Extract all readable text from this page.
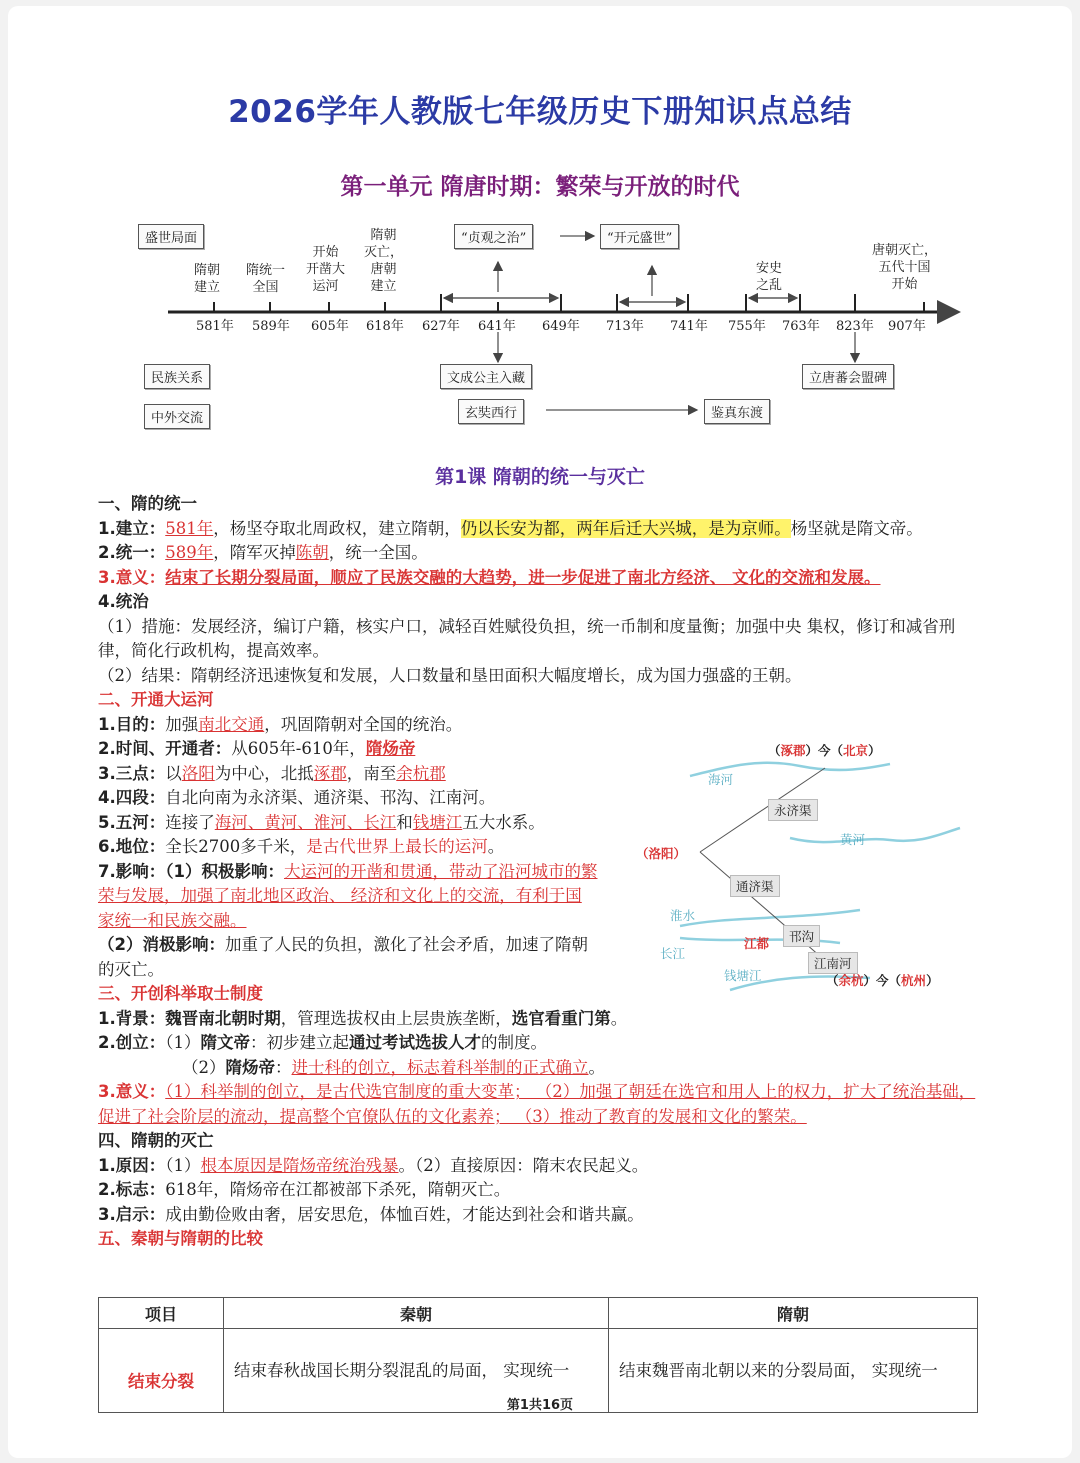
2026学年人教版七年级历史下册知识点总结
第一单元 隋唐时期：繁荣与开放的时代
盛世局面
民族关系
中外交流
“贞观之治”	“开元盛世”
文成公主入藏	立唐蕃会盟碑
玄奘西行	鉴真东渡
隋朝
建立
隋统一
全国
开始
开凿大
运河
隋朝
灭亡，
唐朝
建立
安史
之乱
唐朝灭亡，
五代十国
开始
581年 589年 605年 618年 627年 641年 649年 713年 741年 755年 763年 823年 907年
第1课 隋朝的统一与灭亡
一、隋的统一
1.建立：581年，杨坚夺取北周政权，建立隋朝，仍以长安为都，两年后迁大兴城，是为京师。杨坚就是隋文帝。
2.统一：589年，隋军灭掉陈朝，统一全国。
3.意义：结束了长期分裂局面，顺应了民族交融的大趋势，进一步促进了南北方经济、 文化的交流和发展。
4.统治
（1）措施：发展经济，编订户籍，核实户口，减轻百姓赋役负担，统一币制和度量衡；加强中央 集权，修订和减省刑律，简化行政机构，提高效率。
（2）结果：隋朝经济迅速恢复和发展，人口数量和垦田面积大幅度增长，成为国力强盛的王朝。
二、开通大运河
1.目的：加强南北交通，巩固隋朝对全国的统治。
2.时间、开通者：从605年-610年，隋炀帝
3.三点：以洛阳为中心，北抵涿郡，南至余杭郡
4.四段：自北向南为永济渠、通济渠、邗沟、江南河。
5.五河：连接了海河、黄河、淮河、长江和钱塘江五大水系。
6.地位：全长2700多千米，是古代世界上最长的运河。
7.影响：（1）积极影响：大运河的开凿和贯通，带动了沿河城市的繁荣与发展，加强了南北地区政治、 经济和文化上的交流，有利于国家统一和民族交融。
（2）消极影响：加重了人民的负担，激化了社会矛盾，加速了隋朝的灭亡。
三、开创科举取士制度
1.背景：魏晋南北朝时期，管理选拔权由上层贵族垄断，选官看重门第。
2.创立：（1）隋文帝：初步建立起通过考试选拔人才的制度。
（2）隋炀帝：进士科的创立，标志着科举制的正式确立。
3.意义：（1）科举制的创立，是古代选官制度的重大变革； （2）加强了朝廷在选官和用人上的权力，扩大了统治基础，促进了社会阶层的流动，提高整个官僚队伍的文化素养； （3）推动了教育的发展和文化的繁荣。
四、隋朝的灭亡
1.原因：（1）根本原因是隋炀帝统治残暴。（2）直接原因：隋末农民起义。
2.标志：618年，隋炀帝在江都被部下杀死，隋朝灭亡。
3.启示：成由勤俭败由奢，居安思危，体恤百姓，才能达到社会和谐共赢。
五、秦朝与隋朝的比较
（涿郡）今（北京）
海河
黄河
淮水
长江
钱塘江
永济渠
通济渠
邗沟
江南河
（洛阳）
江都
（余杭）今（杭州）
项目	秦朝	隋朝
结束分裂	结束春秋战国长期分裂混乱的局面， 实现统一	结束魏晋南北朝以来的分裂局面， 实现统一
第1共16页
